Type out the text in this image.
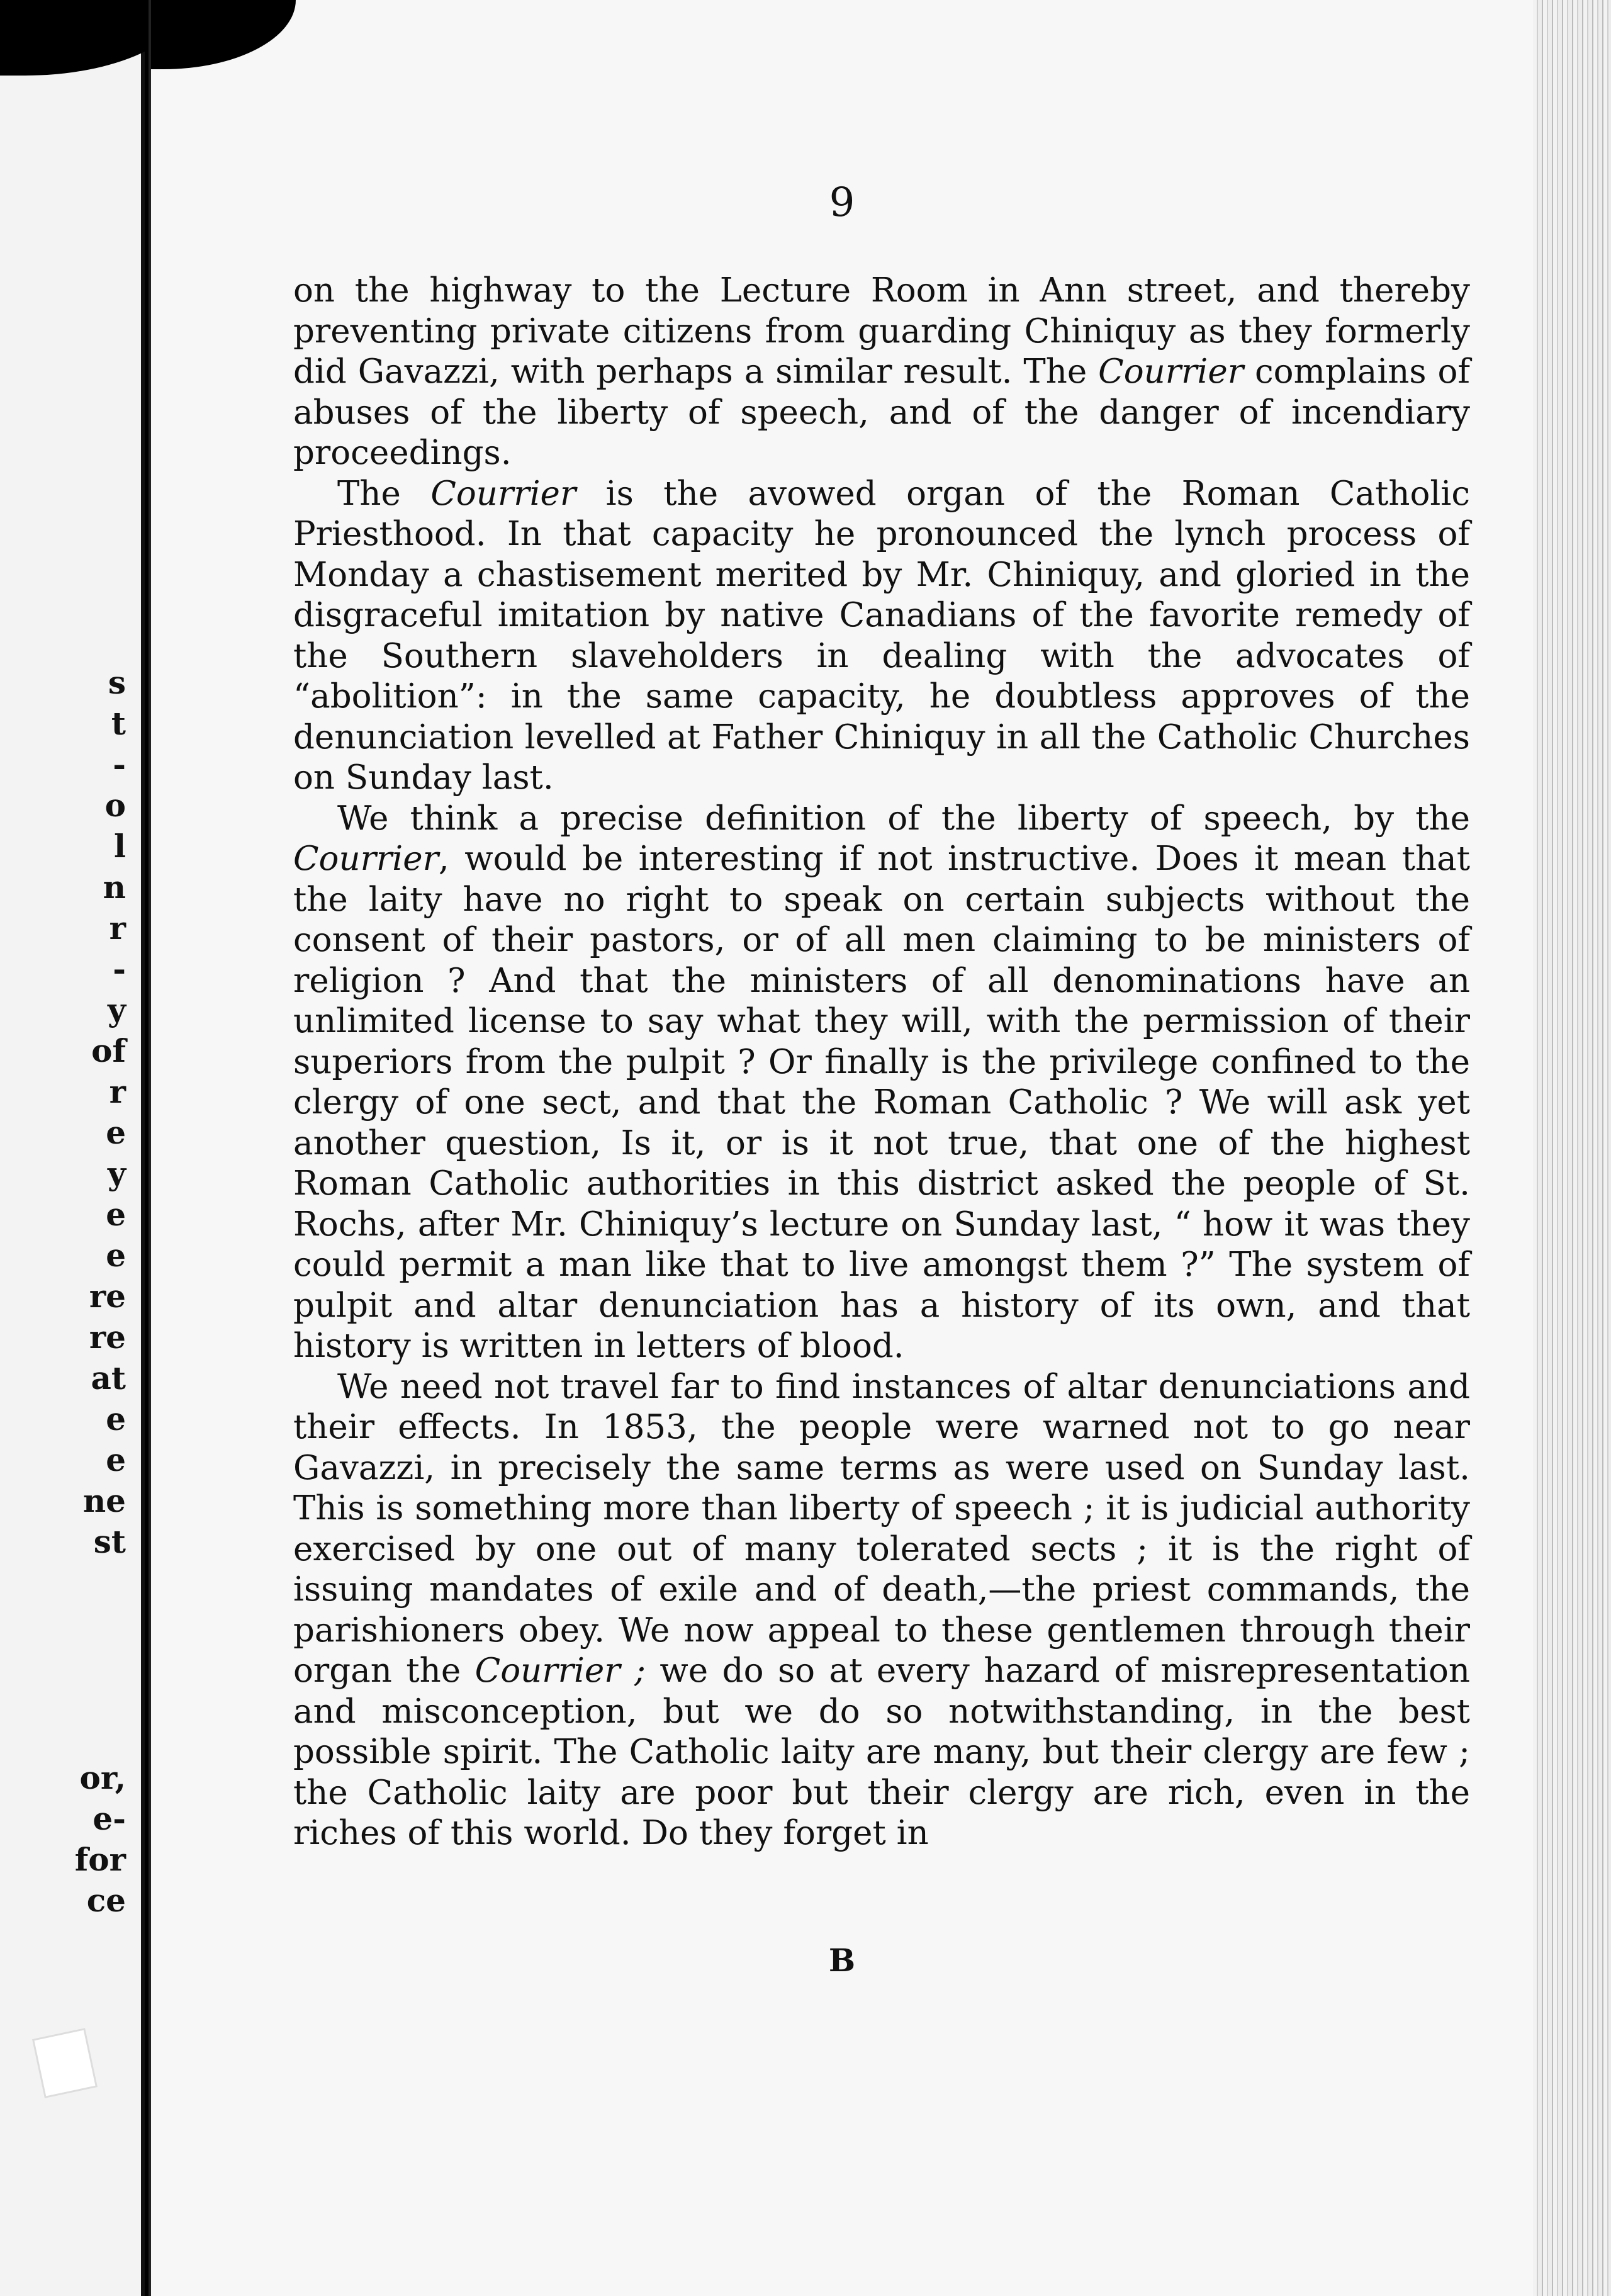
s
t
-
o
l
n
r
-
y
of
r
e
y
e
e
re
re
at
e
e
ne
st
or,
e-
for
ce

9

on the highway to the Lecture Room in Ann street, and thereby preventing private citizens from guarding Chiniquy as they formerly did Gavazzi, with perhaps a similar result. The Courrier complains of abuses of the liberty of speech, and of the danger of incendiary proceedings.

The Courrier is the avowed organ of the Roman Catholic Priesthood. In that capacity he pronounced the lynch process of Monday a chastisement merited by Mr. Chiniquy, and gloried in the disgraceful imitation by native Canadians of the favorite remedy of the Southern slaveholders in dealing with the advocates of “abolition”: in the same capacity, he doubtless approves of the denunciation levelled at Father Chiniquy in all the Catholic Churches on Sunday last.

We think a precise definition of the liberty of speech, by the Courrier, would be interesting if not instructive. Does it mean that the laity have no right to speak on certain subjects without the consent of their pastors, or of all men claiming to be ministers of religion ? And that the ministers of all denominations have an unlimited license to say what they will, with the permission of their superiors from the pulpit ? Or finally is the privilege confined to the clergy of one sect, and that the Roman Catholic ? We will ask yet another question, Is it, or is it not true, that one of the highest Roman Catholic authorities in this district asked the people of St. Rochs, after Mr. Chiniquy’s lecture on Sunday last, “ how it was they could permit a man like that to live amongst them ?” The system of pulpit and altar denunciation has a history of its own, and that history is written in letters of blood.

We need not travel far to find instances of altar denunciations and their effects. In 1853, the people were warned not to go near Gavazzi, in precisely the same terms as were used on Sunday last. This is something more than liberty of speech ; it is judicial authority exercised by one out of many tolerated sects ; it is the right of issuing mandates of exile and of death,—the priest commands, the parishioners obey. We now appeal to these gentlemen through their organ the Courrier ; we do so at every hazard of misrepresentation and misconception, but we do so notwithstanding, in the best possible spirit. The Catholic laity are many, but their clergy are few ; the Catholic laity are poor but their clergy are rich, even in the riches of this world. Do they forget in

B
